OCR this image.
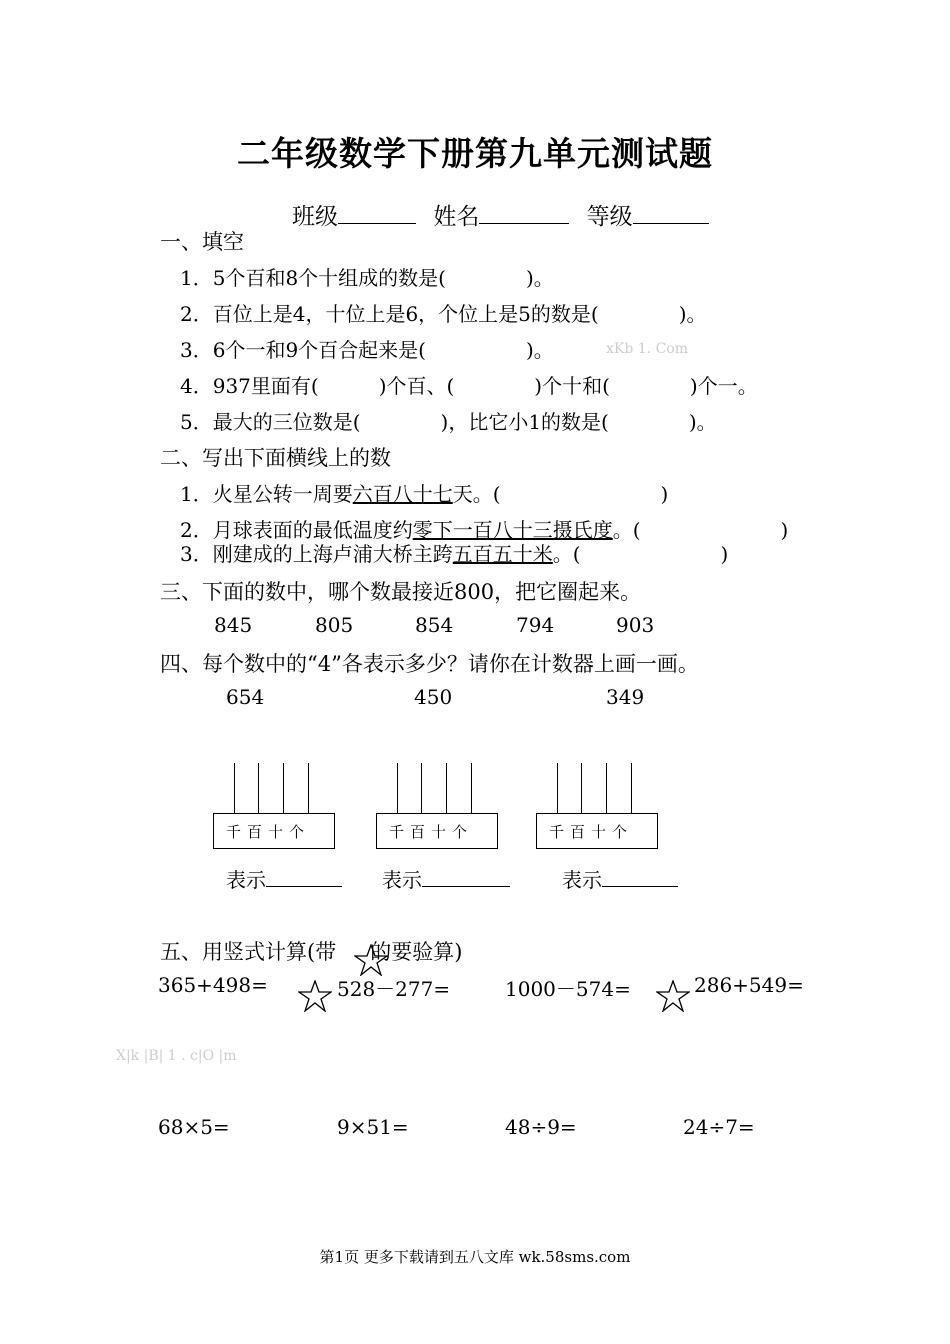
二年级数学下册第九单元测试题
班级	姓名	等级
一、填空
1．5个百和8个十组成的数是(　　　　)。
2．百位上是4，十位上是6，个位上是5的数是(　　　　)。
3．6个一和9个百合起来是(　　　　　)。	xKb 1. Com
4．937里面有(　　　)个百、(　　　　)个十和(　　　　)个一。
5．最大的三位数是(　　　　)，比它小1的数是(　　　　)。
二、写出下面横线上的数
1．火星公转一周要六百八十七天。(　　　　　　　　)
2．月球表面的最低温度约零下一百八十三摄氏度。(　　　　　　　)
3．刚建成的上海卢浦大桥主跨五百五十米。(　　　　　　　)
三、下面的数中，哪个数最接近800，把它圈起来。
845	805	854	794	903
四、每个数中的“4”各表示多少？请你在计数器上画一画。
654	450	349
千百十个	千百十个	千百十个
表示	表示	表示
五、用竖式计算(带 的要验算)
365+498=	528－277=	1000－574=	286+549=
X|k |B| 1 . c|O |m
68×5=	9×51=	48÷9=	24÷7=
第1页 更多下载请到五八文库 wk.58sms.com
